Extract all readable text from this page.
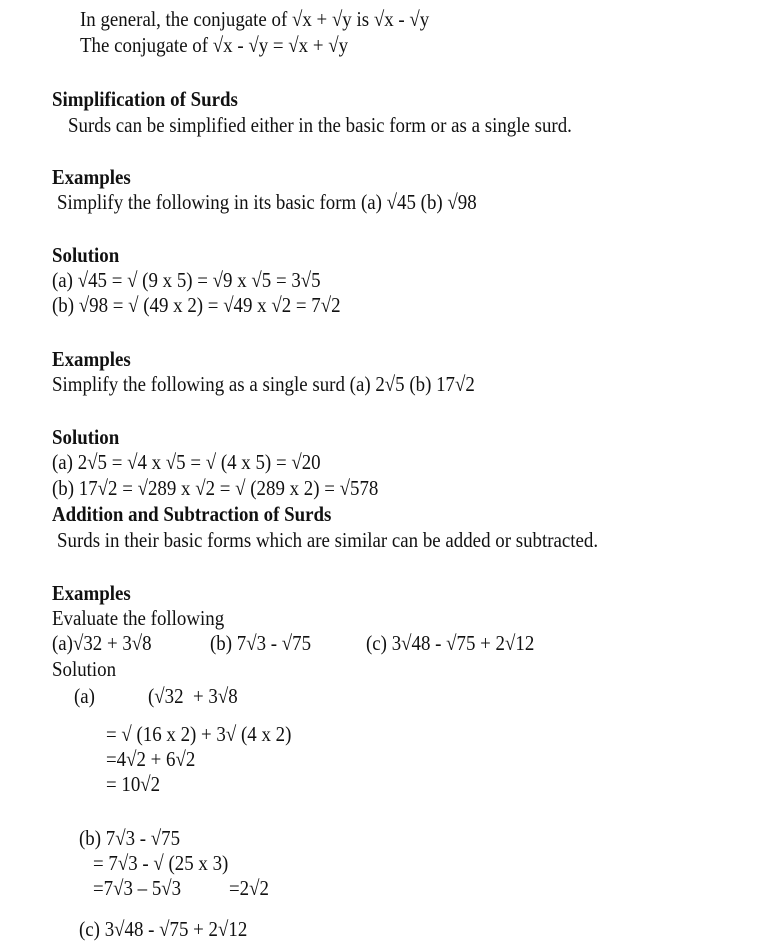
In general, the conjugate of √x + √y is √x - √y
The conjugate of √x - √y = √x + √y
Simplification of Surds
Surds can be simplified either in the basic form or as a single surd.
Examples
Simplify the following in its basic form (a) √45 (b) √98
Solution
(a) √45 = √ (9 x 5) = √9 x √5 = 3√5
(b) √98 = √ (49 x 2) = √49 x √2 = 7√2
Examples
Simplify the following as a single surd (a) 2√5 (b) 17√2
Solution
(a) 2√5 = √4 x √5 = √ (4 x 5) = √20
(b) 17√2 = √289 x √2 = √ (289 x 2) = √578
Addition and Subtraction of Surds
Surds in their basic forms which are similar can be added or subtracted.
Examples
Evaluate the following
(a)√32 + 3√8	(b) 7√3 - √75	(c) 3√48 - √75 + 2√12
Solution
(a)	(√32  + 3√8
= √ (16 x 2) + 3√ (4 x 2)
=4√2 + 6√2
= 10√2
(b) 7√3 - √75
= 7√3 - √ (25 x 3)
=7√3 – 5√3 =2√2
(c) 3√48 - √75 + 2√12
